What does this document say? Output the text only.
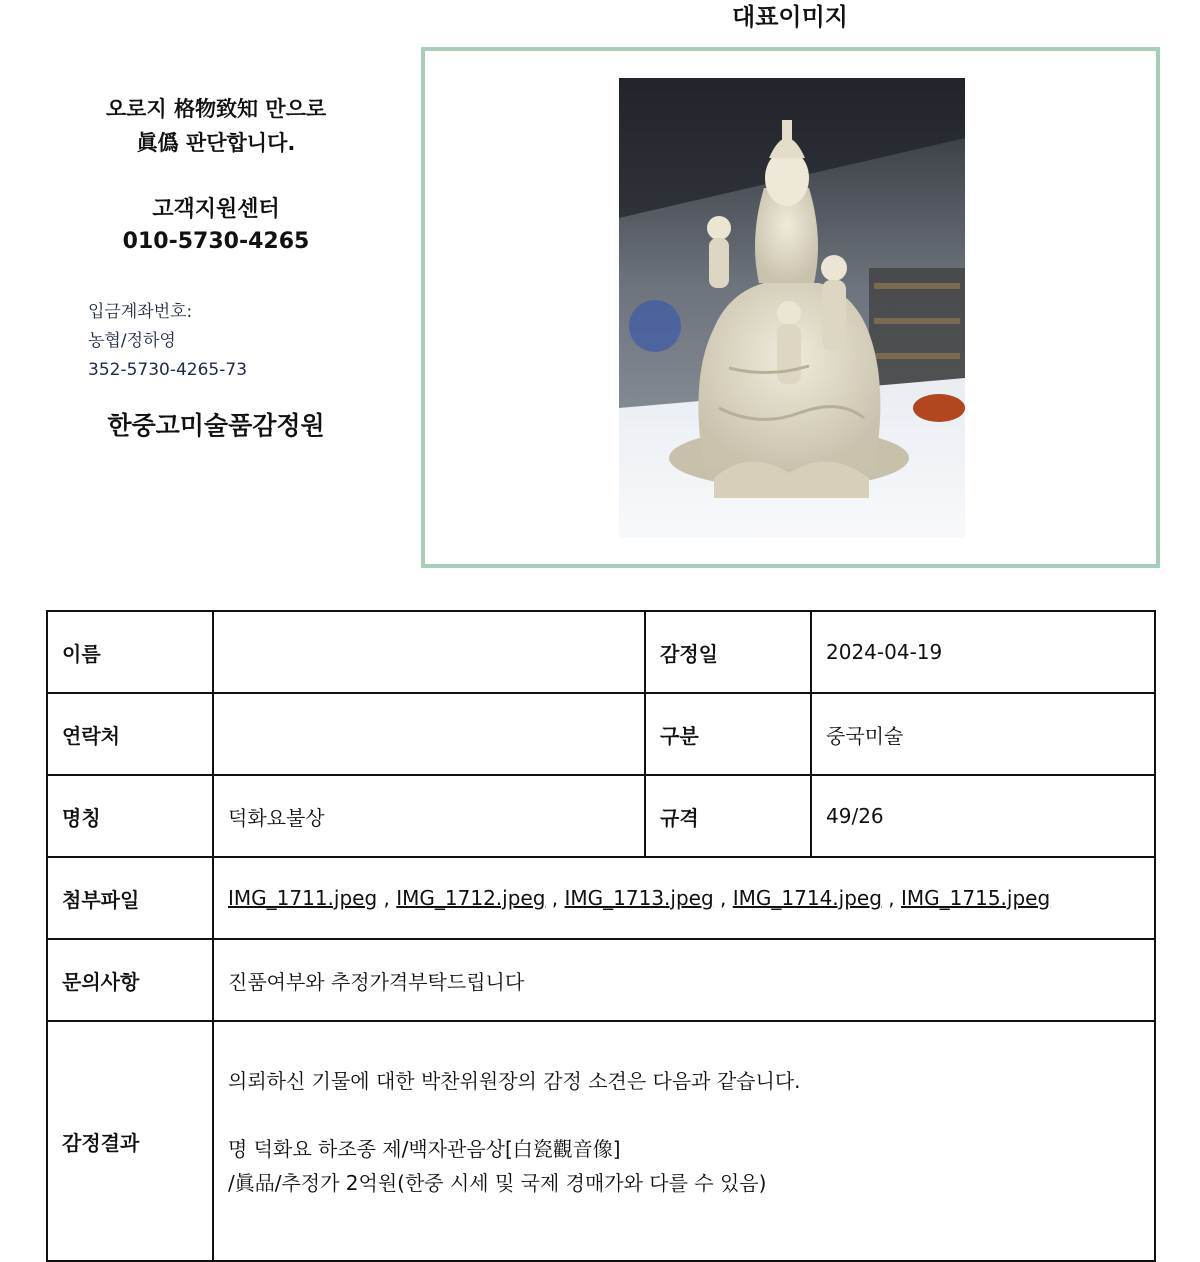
오로지 格物致知 만으로
眞僞 판단합니다.
고객지원센터
010-5730-4265
입금계좌번호:
농협/정하영
352-5730-4265-73
한중고미술품감정원
대표이미지
이름		감정일	2024-04-19
연락처		구분	중국미술
명칭	덕화요불상	규격	49/26
첨부파일	IMG_1711.jpeg , IMG_1712.jpeg , IMG_1713.jpeg , IMG_1714.jpeg , IMG_1715.jpeg		
문의사항	진품여부와 추정가격부탁드립니다		
감정결과	의뢰하신 기물에 대한 박찬위원장의 감정 소견은 다음과 같습니다.

명 덕화요 하조종 제/백자관음상[白瓷觀音像]

/眞品/추정가 2억원(한중 시세 및 국제 경매가와 다를 수 있음)		
